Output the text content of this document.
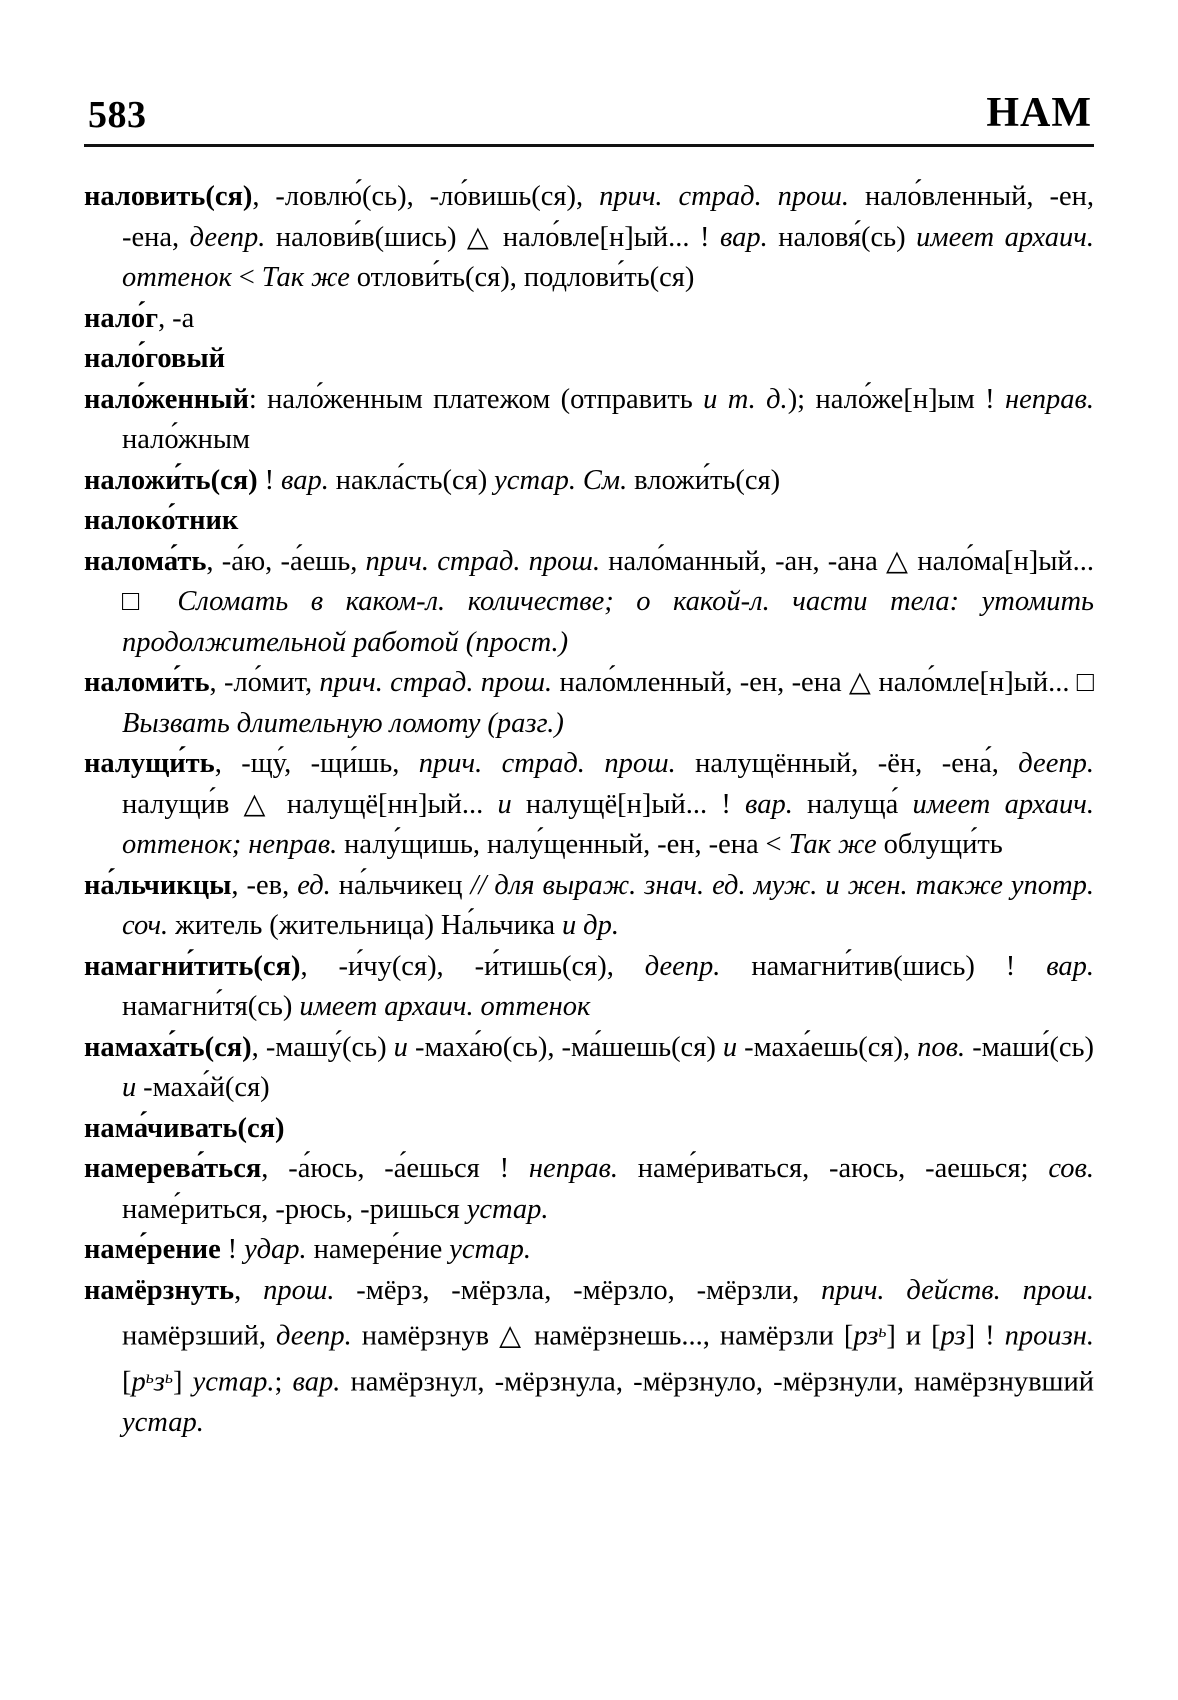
583	НАМ

наловить(ся), -ловлю́(сь), -ло́вишь(ся), прич. страд. прош. нало́вленный, -ен, -ена, деепр. налови́в(шись) △ нало́вле[н]ый... ! вар. наловя́(сь) имеет архаич. оттенок < Так же отлови́ть(ся), подлови́ть(ся)

нало́г, -а

нало́говый

нало́женный: нало́женным платежом (отправить и т. д.); нало́же[н]ым ! неправ. нало́жным

наложи́ть(ся) ! вар. накла́сть(ся) устар. См. вложи́ть(ся)

налоко́тник

налома́ть, -а́ю, -а́ешь, прич. страд. прош. нало́манный, -ан, -ана △ нало́ма[н]ый... □ Сломать в каком-л. количестве; о какой-л. части тела: утомить продолжительной работой (прост.)

наломи́ть, -ло́мит, прич. страд. прош. нало́мленный, -ен, -ена △ нало́мле[н]ый... □ Вызвать длительную ломоту (разг.)

налущи́ть, -щу́, -щи́шь, прич. страд. прош. налущённый, -ён, -ена́, деепр. налущи́в △ налущё[нн]ый... и налущё[н]ый... ! вар. налуща́ имеет архаич. оттенок; неправ. налу́щишь, налу́щенный, -ен, -ена < Так же облущи́ть

на́льчикцы, -ев, ед. на́льчикец // для выраж. знач. ед. муж. и жен. также употр. соч. житель (жительница) На́льчика и др.

намагни́тить(ся), -и́чу(ся), -и́тишь(ся), деепр. намагни́тив(шись) ! вар. намагни́тя(сь) имеет архаич. оттенок

намаха́ть(ся), -машу́(сь) и -маха́ю(сь), -ма́шешь(ся) и -маха́ешь(ся), пов. -маши́(сь) и -маха́й(ся)

нама́чивать(ся)

намерева́ться, -а́юсь, -а́ешься ! неправ. наме́риваться, -аюсь, -аешься; сов. наме́риться, -рюсь, -ришься устар.

наме́рение ! удар. намере́ние устар.

намёрзнуть, прош. -мёрз, -мёрзла, -мёрзло, -мёрзли, прич. действ. прош. намёрзший, деепр. намёрзнув △ намёрзнешь..., намёрзли $[рз^ь]$ и [рз] ! произн. $[р^ьз^ь]$ устар.; вар. намёрзнул, -мёрзнула, -мёрзнуло, -мёрзнули, намёрзнувший устар.
